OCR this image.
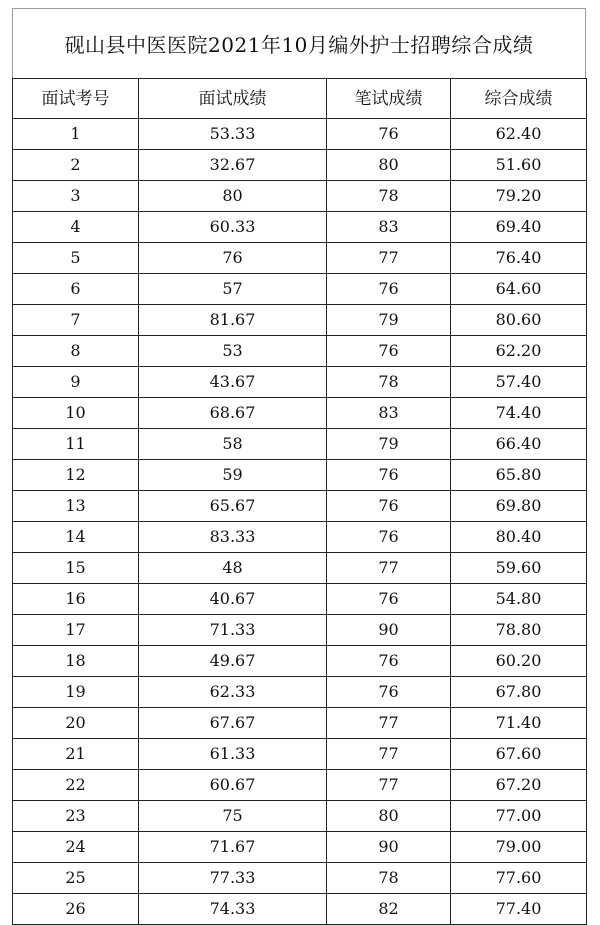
砚山县中医医院2021年10月编外护士招聘综合成绩
面试考号	面试成绩	笔试成绩	综合成绩
1	53.33	76	62.40
2	32.67	80	51.60
3	80	78	79.20
4	60.33	83	69.40
5	76	77	76.40
6	57	76	64.60
7	81.67	79	80.60
8	53	76	62.20
9	43.67	78	57.40
10	68.67	83	74.40
11	58	79	66.40
12	59	76	65.80
13	65.67	76	69.80
14	83.33	76	80.40
15	48	77	59.60
16	40.67	76	54.80
17	71.33	90	78.80
18	49.67	76	60.20
19	62.33	76	67.80
20	67.67	77	71.40
21	61.33	77	67.60
22	60.67	77	67.20
23	75	80	77.00
24	71.67	90	79.00
25	77.33	78	77.60
26	74.33	82	77.40
